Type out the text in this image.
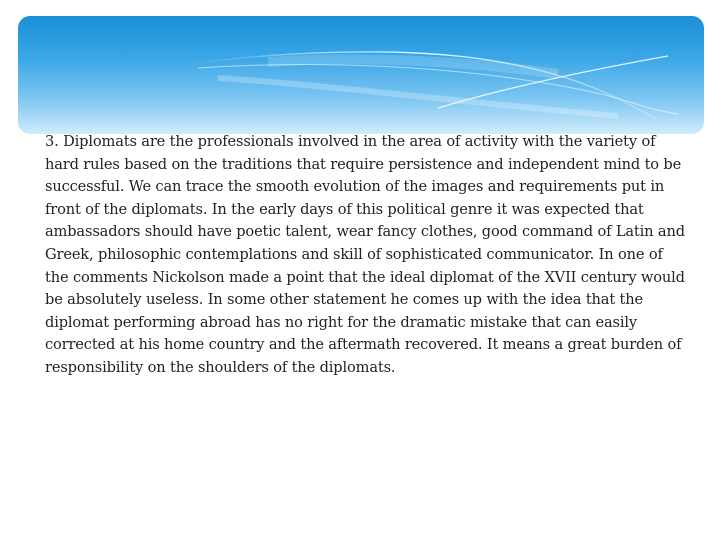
3. Diplomats are the professionals involved in the area of activity with the variety of hard rules based on the traditions that require persistence and independent mind to be successful. We can trace the smooth evolution of the images and requirements put in front of the diplomats. In the early days of this political genre it was expected that ambassadors should have poetic talent, wear fancy clothes, good command of Latin and Greek, philosophic contemplations and skill of sophisticated communicator. In one of the comments Nickolson made a point that the ideal diplomat of the XVII century would be absolutely useless. In some other statement he comes up with the idea that the diplomat performing abroad has no right for the dramatic mistake that can easily corrected at his home country and the aftermath recovered. It means a great burden of responsibility on the shoulders of the diplomats.
